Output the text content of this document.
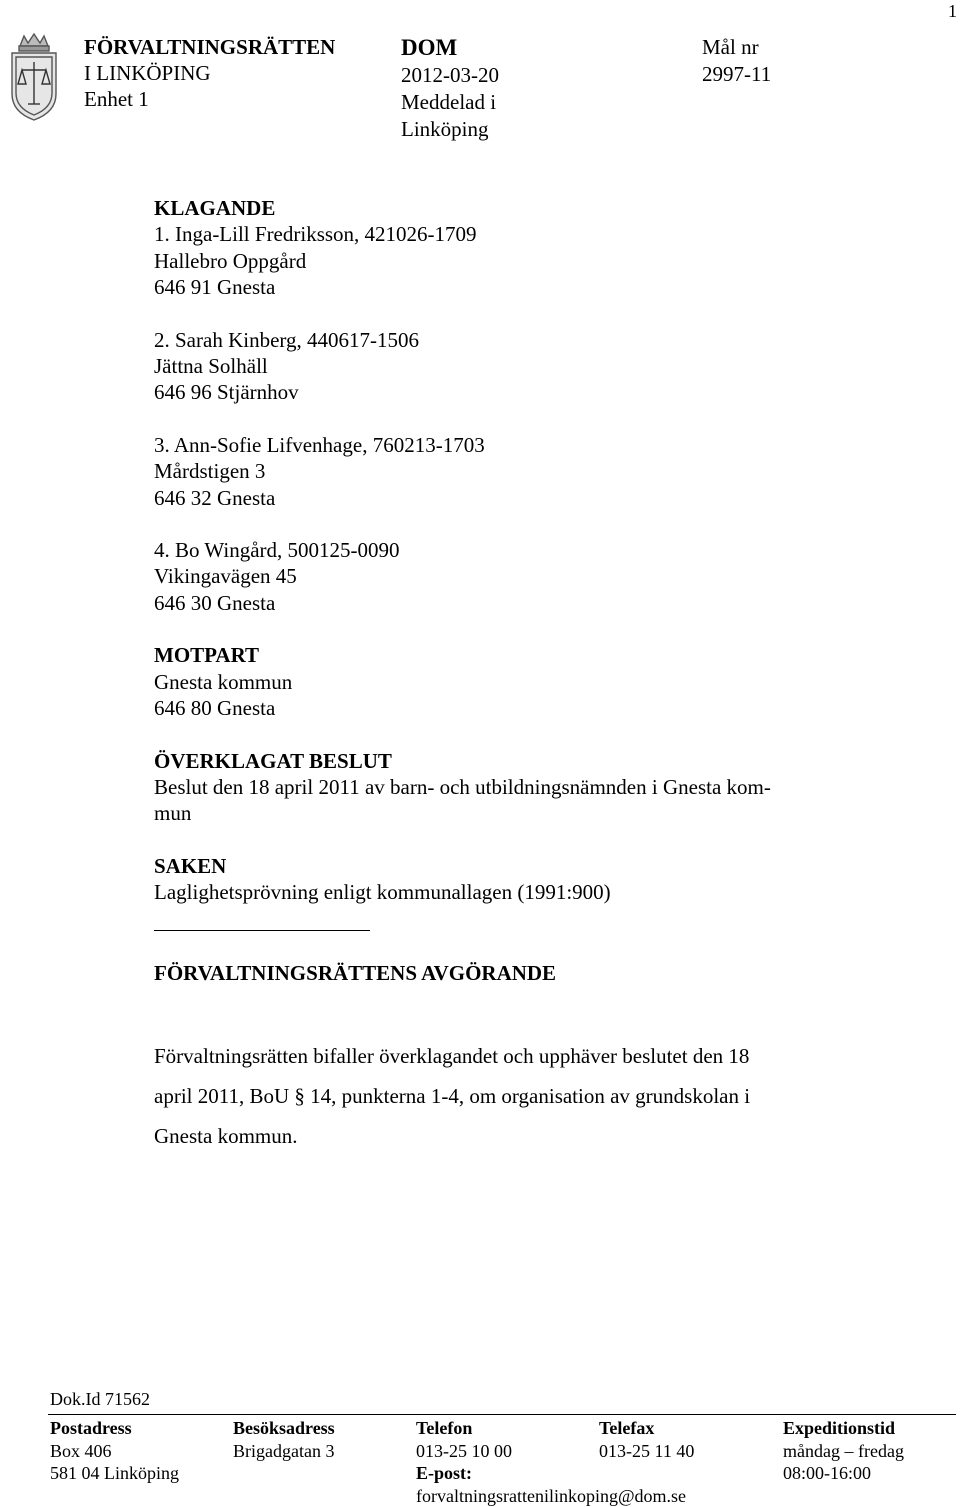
1
FÖRVALTNINGSRÄTTEN
I LINKÖPING
Enhet 1
DOM
2012-03-20
Meddelad i
Linköping
Mål nr
2997-11

KLAGANDE

1. Inga-Lill Fredriksson, 421026-1709

Hallebro Oppgård

646 91 Gnesta

2. Sarah Kinberg, 440617-1506

Jättna Solhäll

646 96 Stjärnhov

3. Ann-Sofie Lifvenhage, 760213-1703

Mårdstigen 3

646 32 Gnesta

4. Bo Wingård, 500125-0090

Vikingavägen 45

646 30 Gnesta

MOTPART

Gnesta kommun

646 80 Gnesta

ÖVERKLAGAT BESLUT

Beslut den 18 april 2011 av barn- och utbildningsnämnden i Gnesta kom-

mun

SAKEN

Laglighetsprövning enligt kommunallagen (1991:900)

FÖRVALTNINGSRÄTTENS AVGÖRANDE
Förvaltningsrätten bifaller överklagandet och upphäver beslutet den 18
april 2011, BoU § 14, punkterna 1-4, om organisation av grundskolan i
Gnesta kommun.
Dok.Id 71562
Postadress
Box 406
581 04 Linköping
Besöksadress
Brigadgatan 3
Telefon
013-25 10 00
E-post:
forvaltningsrattenilinkoping@dom.se
Telefax
013-25 11 40
Expeditionstid
måndag – fredag
08:00-16:00
